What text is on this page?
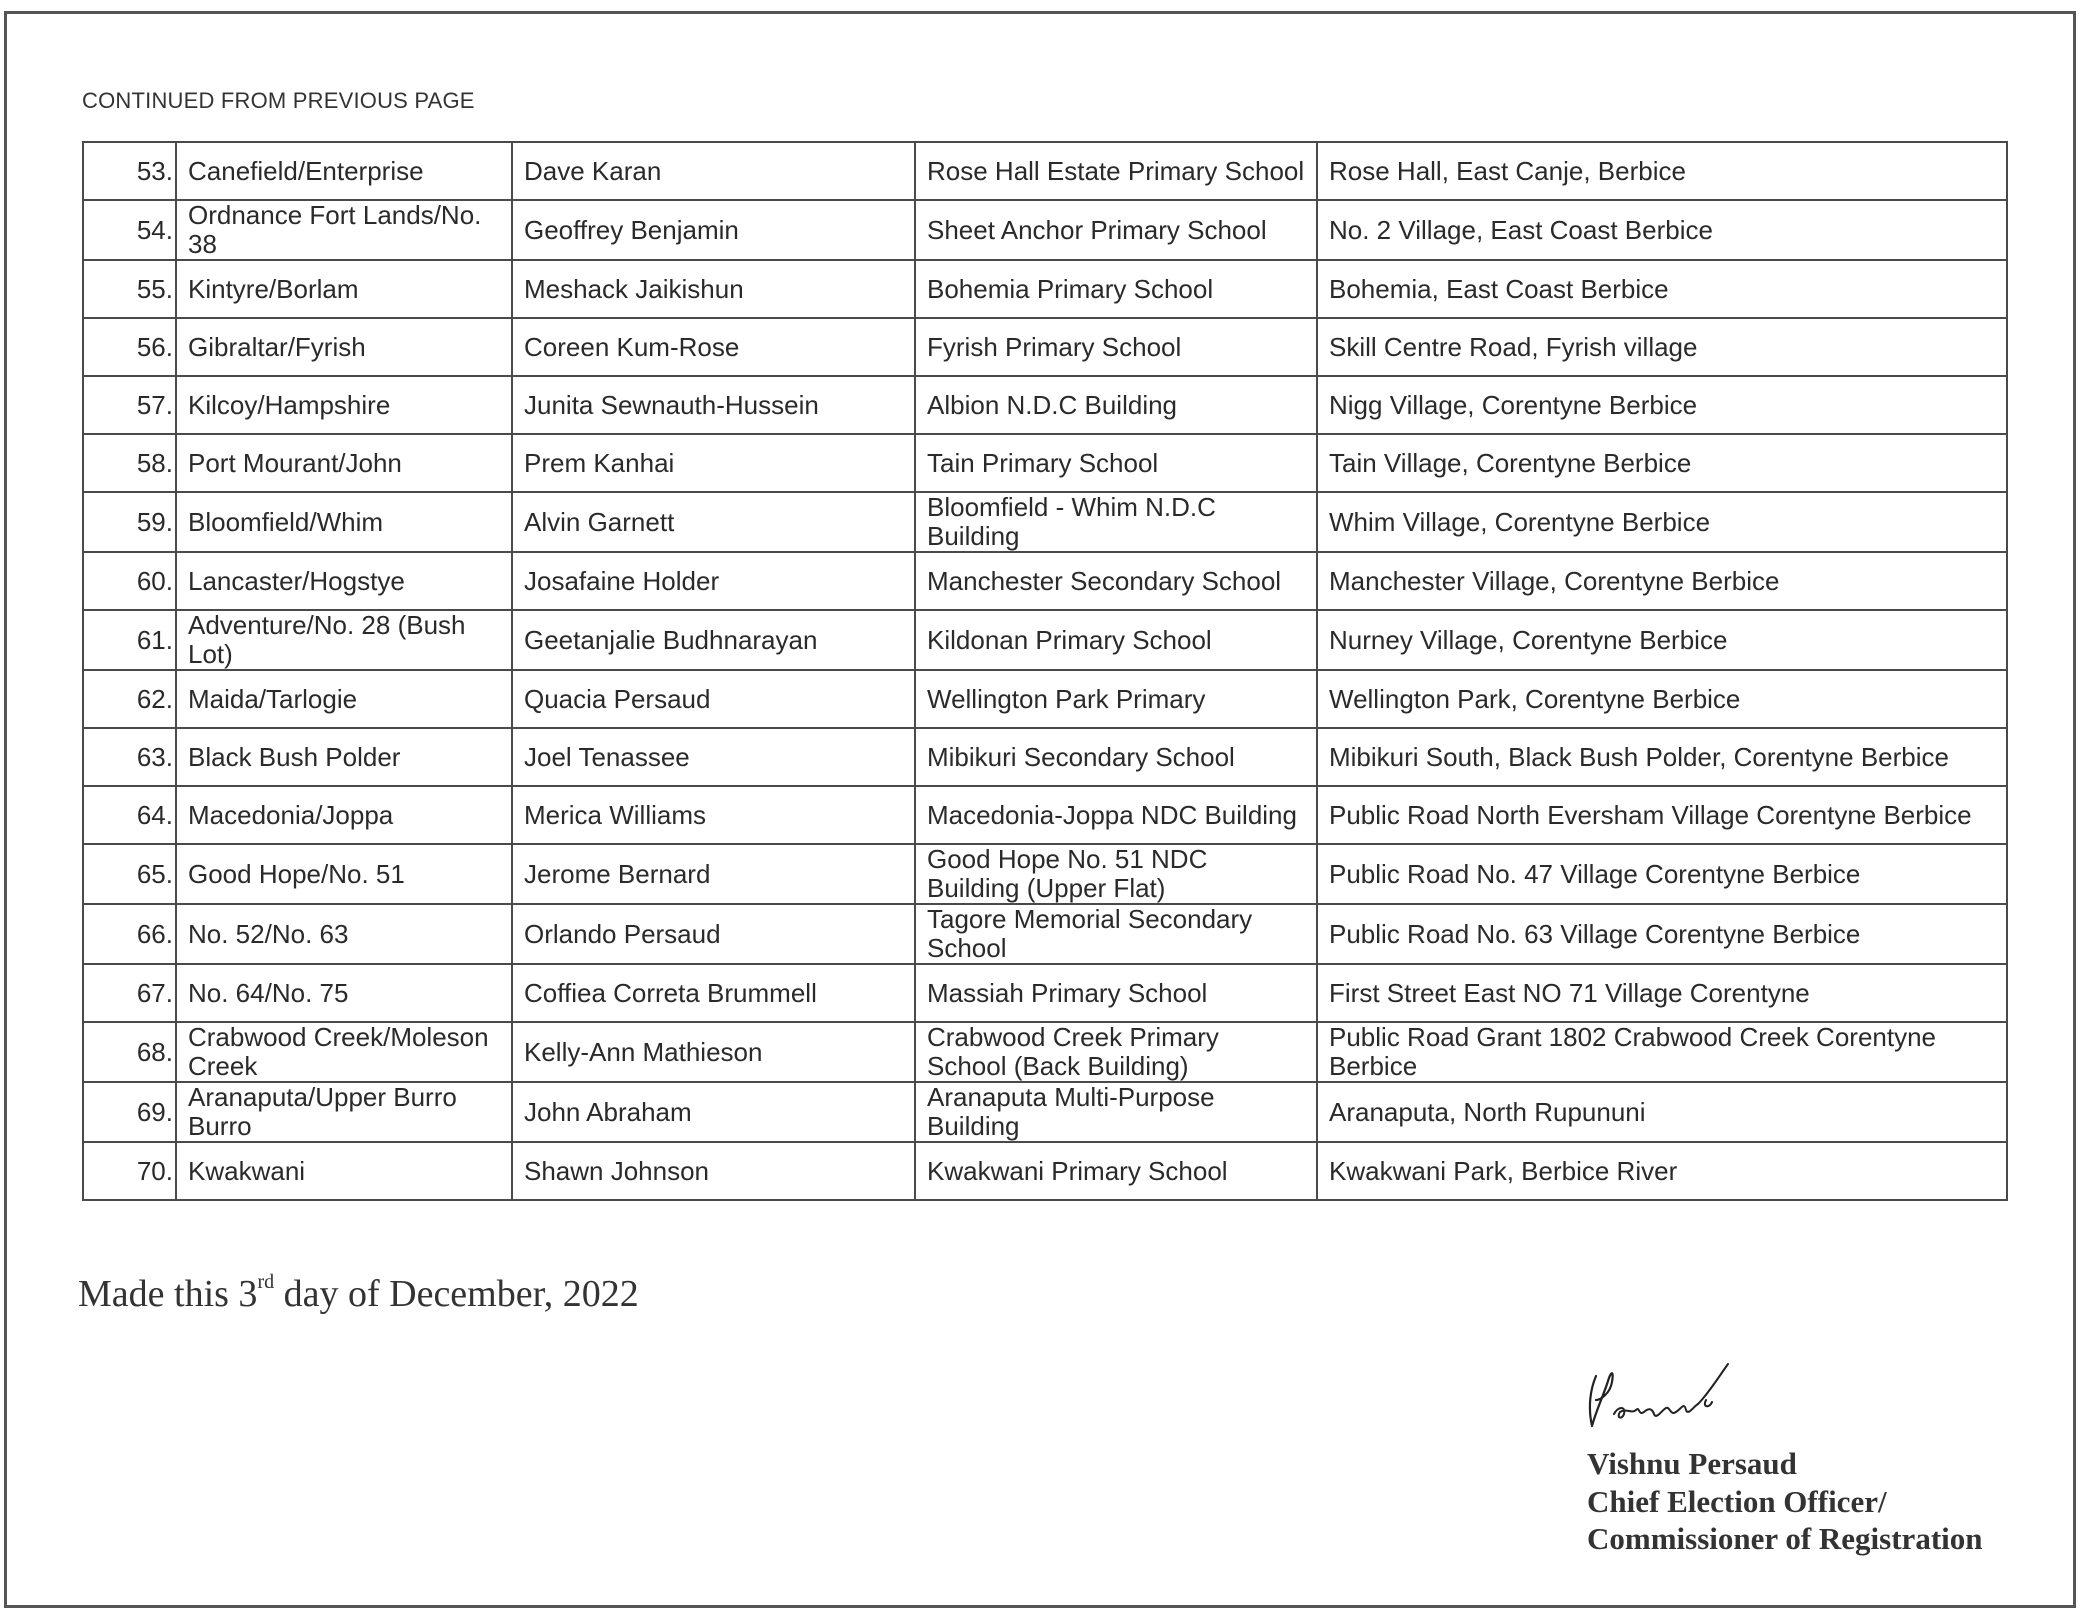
CONTINUED FROM PREVIOUS PAGE
53.	Canefield/Enterprise	Dave Karan	Rose Hall Estate Primary School	Rose Hall, East Canje, Berbice
54.	Ordnance Fort Lands/No. 38	Geoffrey Benjamin	Sheet Anchor Primary School	No. 2 Village, East Coast Berbice
55.	Kintyre/Borlam	Meshack Jaikishun	Bohemia Primary School	Bohemia, East Coast Berbice
56.	Gibraltar/Fyrish	Coreen Kum-Rose	Fyrish Primary School	Skill Centre Road, Fyrish village
57.	Kilcoy/Hampshire	Junita Sewnauth-Hussein	Albion N.D.C Building	Nigg Village, Corentyne Berbice
58.	Port Mourant/John	Prem Kanhai	Tain Primary School	Tain Village, Corentyne Berbice
59.	Bloomfield/Whim	Alvin Garnett	Bloomfield - Whim N.D.C Building	Whim Village, Corentyne Berbice
60.	Lancaster/Hogstye	Josafaine Holder	Manchester Secondary School	Manchester Village, Corentyne Berbice
61.	Adventure/No. 28 (Bush Lot)	Geetanjalie Budhnarayan	Kildonan Primary School	Nurney Village, Corentyne Berbice
62.	Maida/Tarlogie	Quacia Persaud	Wellington Park Primary	Wellington Park, Corentyne Berbice
63.	Black Bush Polder	Joel Tenassee	Mibikuri Secondary School	Mibikuri South, Black Bush Polder, Corentyne Berbice
64.	Macedonia/Joppa	Merica Williams	Macedonia-Joppa NDC Building	Public Road North Eversham Village Corentyne Berbice
65.	Good Hope/No. 51	Jerome Bernard	Good Hope No. 51 NDC Building (Upper Flat)	Public Road No. 47 Village Corentyne Berbice
66.	No. 52/No. 63	Orlando Persaud	Tagore Memorial Secondary School	Public Road No. 63 Village Corentyne Berbice
67.	No. 64/No. 75	Coffiea Correta Brummell	Massiah Primary School	First Street East NO 71 Village Corentyne
68.	Crabwood Creek/Moleson Creek	Kelly-Ann Mathieson	Crabwood Creek Primary School (Back Building)	Public Road Grant 1802 Crabwood Creek Corentyne Berbice
69.	Aranaputa/Upper Burro Burro	John Abraham	Aranaputa Multi-Purpose Building	Aranaputa, North Rupununi
70.	Kwakwani	Shawn Johnson	Kwakwani Primary School	Kwakwani Park, Berbice River
Made this 3rd day of December, 2022
Vishnu Persaud
Chief Election Officer/
Commissioner of Registration
